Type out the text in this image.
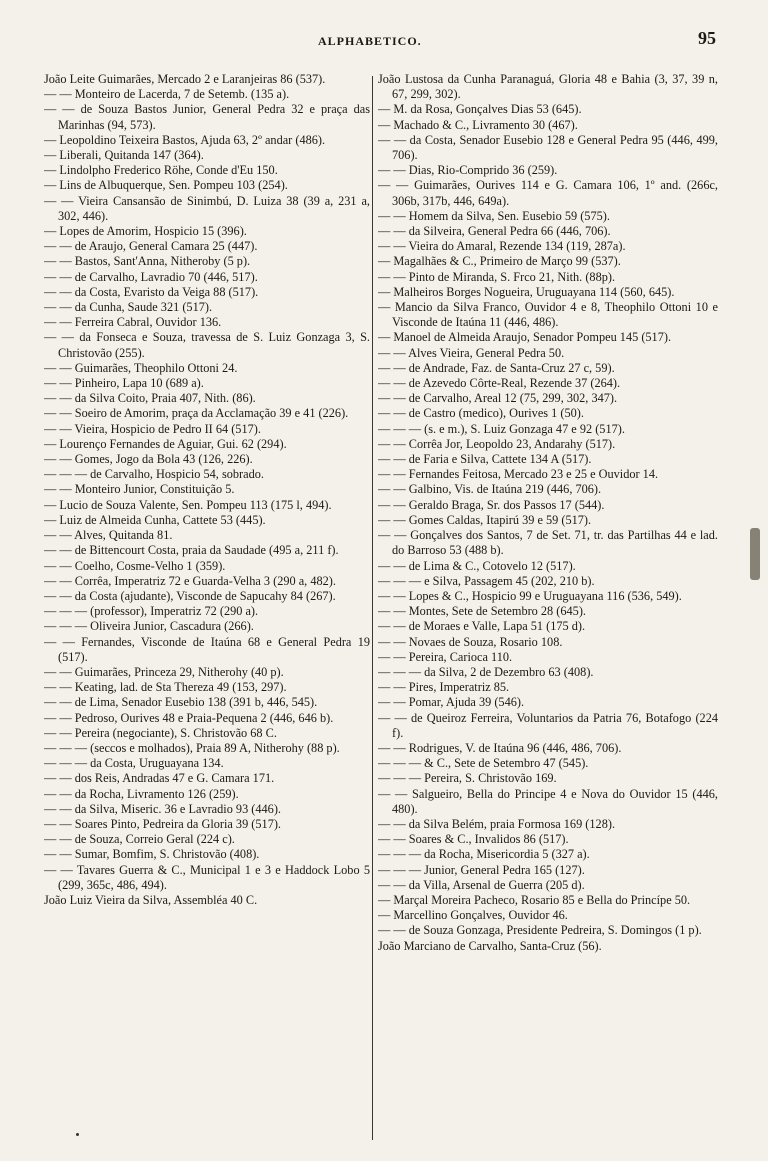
ALPHABETICO.	95

João Leite Guimarães, Mercado 2 e Laranjeiras 86 (537).

— — Monteiro de Lacerda, 7 de Setemb. (135 a).

— — de Souza Bastos Junior, General Pedra 32 e praça das Marinhas (94, 573).

— Leopoldino Teixeira Bastos, Ajuda 63, 2º andar (486).

— Liberali, Quitanda 147 (364).

— Lindolpho Frederico Röhe, Conde d'Eu 150.

— Lins de Albuquerque, Sen. Pompeu 103 (254).

— — Vieira Cansansão de Sinimbú, D. Luiza 38 (39 a, 231 a, 302, 446).

— Lopes de Amorim, Hospicio 15 (396).

— — de Araujo, General Camara 25 (447).

— — Bastos, Sant'Anna, Nitheroby (5 p).

— — de Carvalho, Lavradio 70 (446, 517).

— — da Costa, Evaristo da Veiga 88 (517).

— — da Cunha, Saude 321 (517).

— — Ferreira Cabral, Ouvidor 136.

— — da Fonseca e Souza, travessa de S. Luiz Gonzaga 3, S. Christovão (255).

— — Guimarães, Theophilo Ottoni 24.

— — Pinheiro, Lapa 10 (689 a).

— — da Silva Coito, Praia 407, Nith. (86).

— — Soeiro de Amorim, praça da Acclamação 39 e 41 (226).

— — Vieira, Hospicio de Pedro II 64 (517).

— Lourenço Fernandes de Aguiar, Gui. 62 (294).

— — Gomes, Jogo da Bola 43 (126, 226).

— — — de Carvalho, Hospicio 54, sobrado.

— — Monteiro Junior, Constituição 5.

— Lucio de Souza Valente, Sen. Pompeu 113 (175 l, 494).

— Luiz de Almeida Cunha, Cattete 53 (445).

— — Alves, Quitanda 81.

— — de Bittencourt Costa, praia da Saudade (495 a, 211 f).

— — Coelho, Cosme-Velho 1 (359).

— — Corrêa, Imperatriz 72 e Guarda-Velha 3 (290 a, 482).

— — da Costa (ajudante), Visconde de Sapucahy 84 (267).

— — — (professor), Imperatriz 72 (290 a).

— — — Oliveira Junior, Cascadura (266).

— — Fernandes, Visconde de Itaúna 68 e General Pedra 19 (517).

— — Guimarães, Princeza 29, Nitherohy (40 p).

— — Keating, lad. de Sta Thereza 49 (153, 297).

— — de Lima, Senador Eusebio 138 (391 b, 446, 545).

— — Pedroso, Ourives 48 e Praia-Pequena 2 (446, 646 b).

— — Pereira (negociante), S. Christovão 68 C.

— — — (seccos e molhados), Praia 89 A, Nitherohy (88 p).

— — — da Costa, Uruguayana 134.

— — dos Reis, Andradas 47 e G. Camara 171.

— — da Rocha, Livramento 126 (259).

— — da Silva, Miseric. 36 e Lavradio 93 (446).

— — Soares Pinto, Pedreira da Gloria 39 (517).

— — de Souza, Correio Geral (224 c).

— — Sumar, Bomfim, S. Christovão (408).

— — Tavares Guerra & C., Municipal 1 e 3 e Haddock Lobo 5 (299, 365c, 486, 494).

João Luiz Vieira da Silva, Assembléa 40 C.

João Lustosa da Cunha Paranaguá, Gloria 48 e Bahia (3, 37, 39 n, 67, 299, 302).

— M. da Rosa, Gonçalves Dias 53 (645).

— Machado & C., Livramento 30 (467).

— — da Costa, Senador Eusebio 128 e General Pedra 95 (446, 499, 706).

— — Dias, Rio-Comprido 36 (259).

— — Guimarães, Ourives 114 e G. Camara 106, 1º and. (266c, 306b, 317b, 446, 649a).

— — Homem da Silva, Sen. Eusebio 59 (575).

— — da Silveira, General Pedra 66 (446, 706).

— — Vieira do Amaral, Rezende 134 (119, 287a).

— Magalhães & C., Primeiro de Março 99 (537).

— — Pinto de Miranda, S. Frco 21, Nith. (88p).

— Malheiros Borges Nogueira, Uruguayana 114 (560, 645).

— Mancio da Silva Franco, Ouvidor 4 e 8, Theophilo Ottoni 10 e Visconde de Itaúna 11 (446, 486).

— Manoel de Almeida Araujo, Senador Pompeu 145 (517).

— — Alves Vieira, General Pedra 50.

— — de Andrade, Faz. de Santa-Cruz 27 c, 59).

— — de Azevedo Côrte-Real, Rezende 37 (264).

— — de Carvalho, Areal 12 (75, 299, 302, 347).

— — de Castro (medico), Ourives 1 (50).

— — — (s. e m.), S. Luiz Gonzaga 47 e 92 (517).

— — Corrêa Jor, Leopoldo 23, Andarahy (517).

— — de Faria e Silva, Cattete 134 A (517).

— — Fernandes Feitosa, Mercado 23 e 25 e Ouvidor 14.

— — Galbino, Vis. de Itaúna 219 (446, 706).

— — Geraldo Braga, Sr. dos Passos 17 (544).

— — Gomes Caldas, Itapirú 39 e 59 (517).

— — Gonçalves dos Santos, 7 de Set. 71, tr. das Partilhas 44 e lad. do Barroso 53 (488 b).

— — de Lima & C., Cotovelo 12 (517).

— — — e Silva, Passagem 45 (202, 210 b).

— — Lopes & C., Hospicio 99 e Uruguayana 116 (536, 549).

— — Montes, Sete de Setembro 28 (645).

— — de Moraes e Valle, Lapa 51 (175 d).

— — Novaes de Souza, Rosario 108.

— — Pereira, Carioca 110.

— — — da Silva, 2 de Dezembro 63 (408).

— — Pires, Imperatriz 85.

— — Pomar, Ajuda 39 (546).

— — de Queiroz Ferreira, Voluntarios da Patria 76, Botafogo (224 f).

— — Rodrigues, V. de Itaúna 96 (446, 486, 706).

— — — & C., Sete de Setembro 47 (545).

— — — Pereira, S. Christovão 169.

— — Salgueiro, Bella do Principe 4 e Nova do Ouvidor 15 (446, 480).

— — da Silva Belém, praia Formosa 169 (128).

— — Soares & C., Invalidos 86 (517).

— — — da Rocha, Misericordia 5 (327 a).

— — — Junior, General Pedra 165 (127).

— — da Villa, Arsenal de Guerra (205 d).

— Marçal Moreira Pacheco, Rosario 85 e Bella do Princípe 50.

— Marcellino Gonçalves, Ouvidor 46.

— — de Souza Gonzaga, Presidente Pedreira, S. Domingos (1 p).

João Marciano de Carvalho, Santa-Cruz (56).
